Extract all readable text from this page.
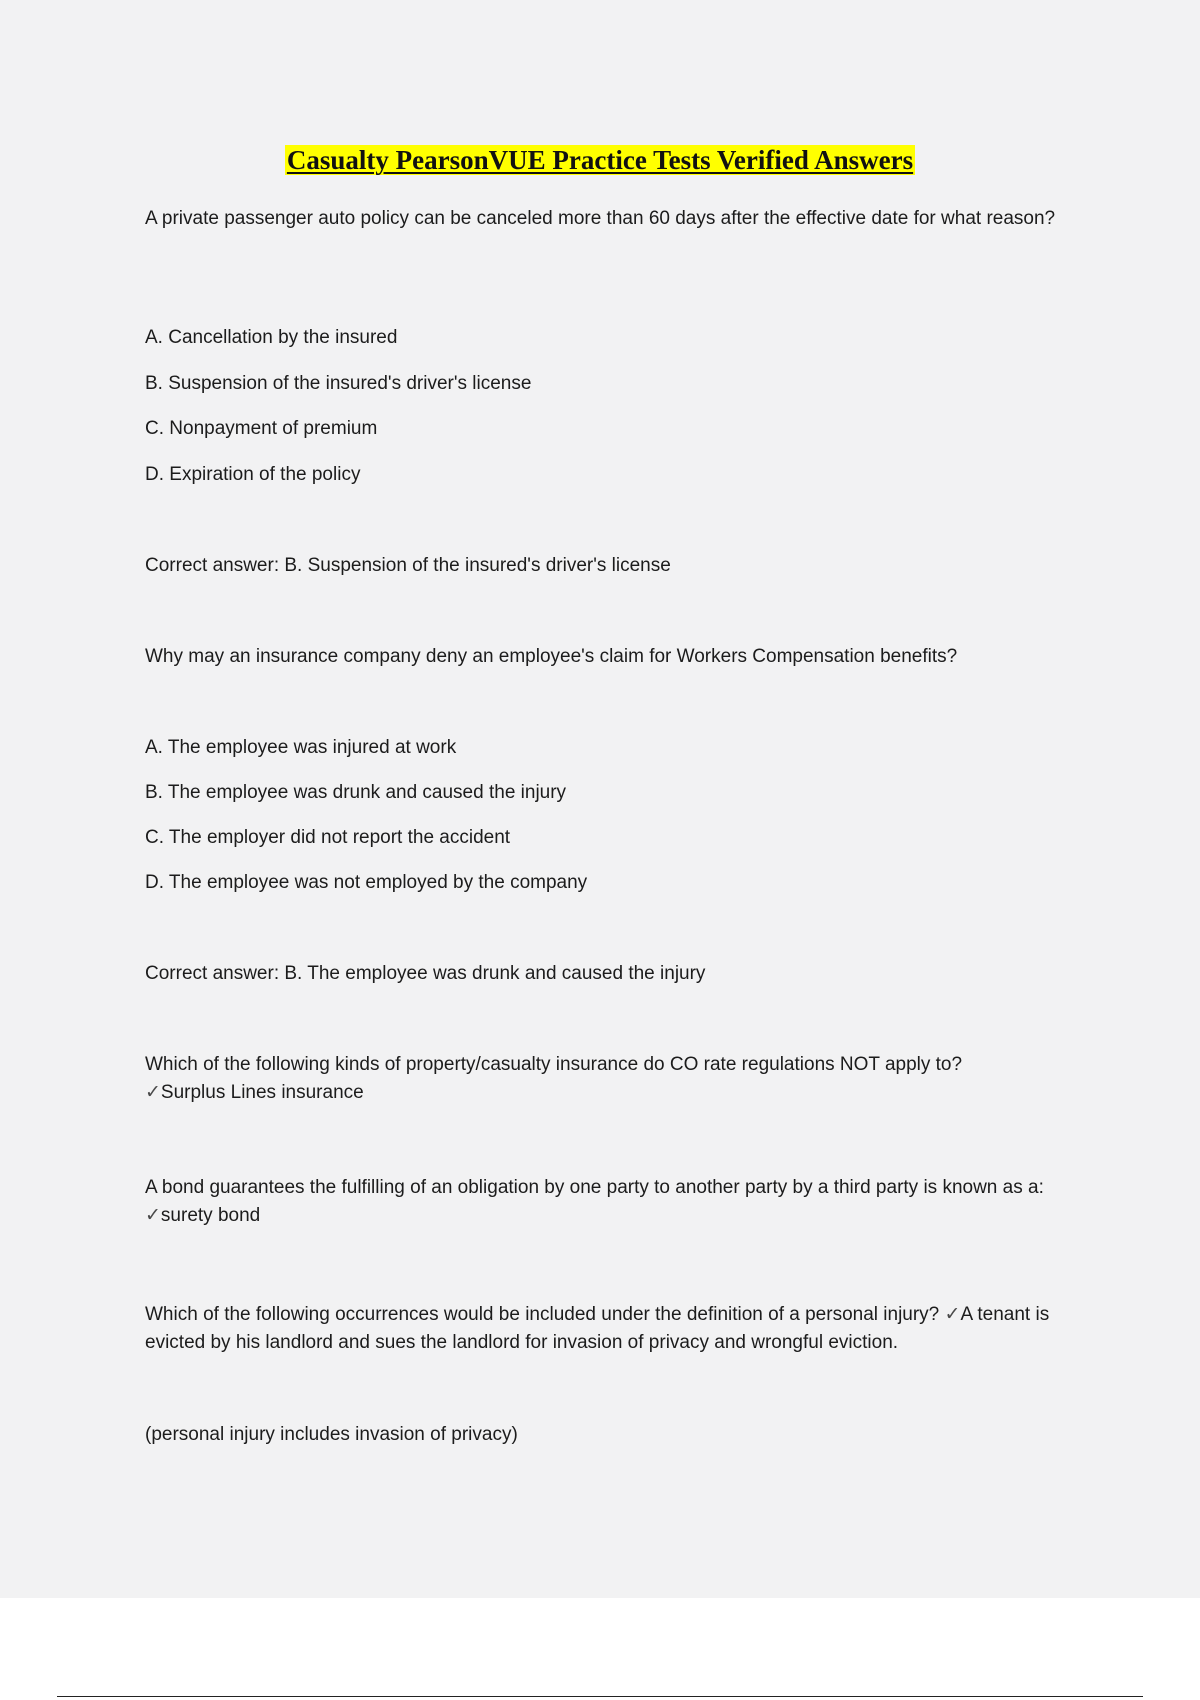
Casualty PearsonVUE Practice Tests Verified Answers

A private passenger auto policy can be canceled more than 60 days after the effective date for what reason?

A. Cancellation by the insured

B. Suspension of the insured's driver's license

C. Nonpayment of premium

D. Expiration of the policy

Correct answer: B. Suspension of the insured's driver's license

Why may an insurance company deny an employee's claim for Workers Compensation benefits?

A. The employee was injured at work

B. The employee was drunk and caused the injury

C. The employer did not report the accident

D. The employee was not employed by the company

Correct answer: B. The employee was drunk and caused the injury

Which of the following kinds of property/casualty insurance do CO rate regulations NOT apply to?
✓Surplus Lines insurance
A bond guarantees the fulfilling of an obligation by one party to another party by a third party is known as a: ✓surety bond
Which of the following occurrences would be included under the definition of a personal injury? ✓A tenant is evicted by his landlord and sues the landlord for invasion of privacy and wrongful eviction.

(personal injury includes invasion of privacy)
